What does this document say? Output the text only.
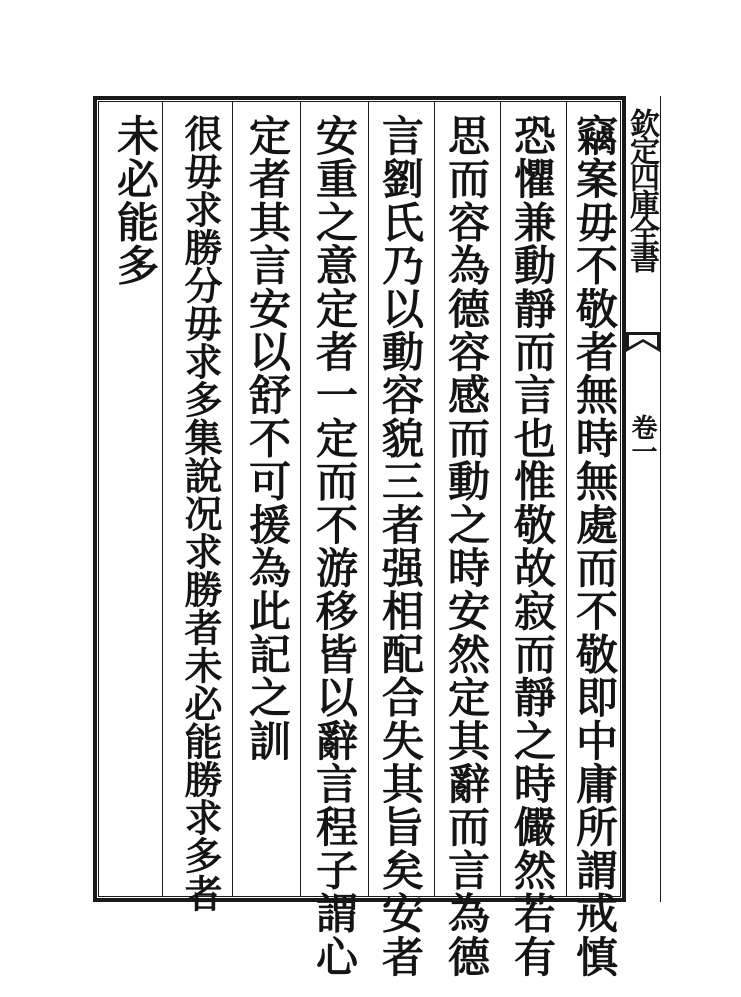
竊案毋不敬者無時無處而不敬即中庸所謂戒慎
恐懼兼動靜而言也惟敬故寂而靜之時儼然若有
思而容為德容感而動之時安然定其辭而言為德
言劉氏乃以動容貌三者强相配合失其旨矣安者
安重之意定者一定而不游移皆以辭言程子謂心
定者其言安以舒不可援為此記之訓
很毋求勝分毋求多集說况求勝者未必能勝求多者
未必能多	欽定四庫全書
卷一
